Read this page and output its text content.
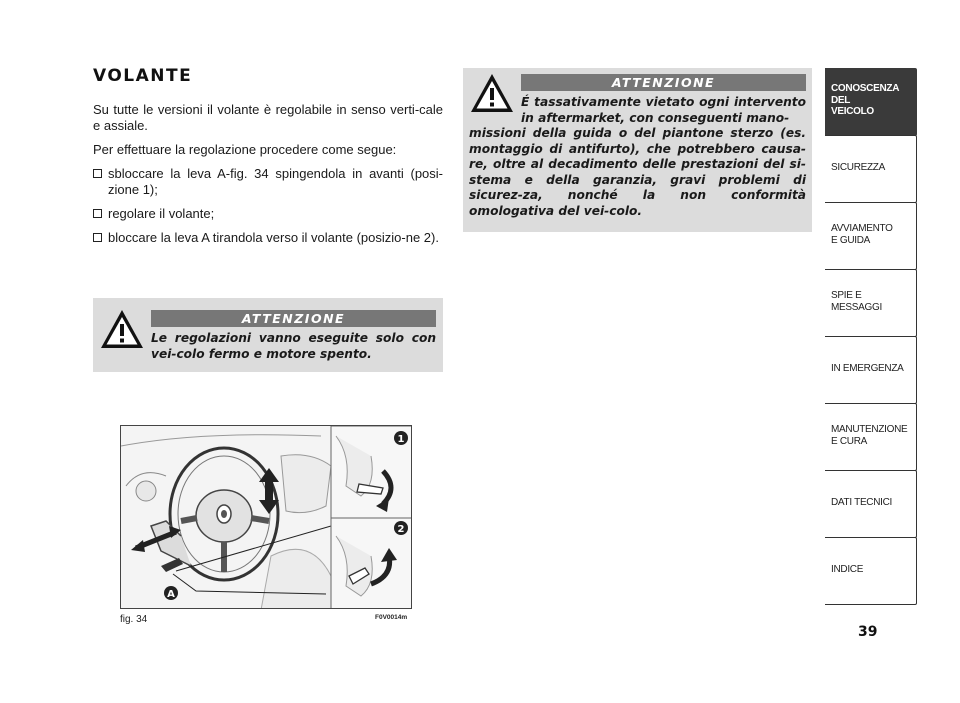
VOLANTE

Su tutte le versioni il volante è regolabile in senso verti-cale e assiale.

Per effettuare la regolazione procedere come segue:

sbloccare la leva A-fig. 34 spingendola in avanti (posi-zione 1);
regolare il volante;
bloccare la leva A tirandola verso il volante (posizio-ne 2).
ATTENZIONE
Le regolazioni vanno eseguite solo con vei-colo fermo e motore spento.
ATTENZIONE
É tassativamente vietato ogni intervento in aftermarket, con conseguenti mano-
missioni della guida o del piantone sterzo (es. montaggio di antifurto), che potrebbero causa-re, oltre al decadimento delle prestazioni del si-stema e della garanzia, gravi problemi di sicurez-za, nonché la non conformità omologativa del vei-colo.
1
2
A
fig. 34	F0V0014m
CONOSCENZA
DEL
VEICOLO
SICUREZZA
AVVIAMENTO
E GUIDA
SPIE E
MESSAGGI
IN EMERGENZA
MANUTENZIONE
E CURA
DATI TECNICI
INDICE
39
